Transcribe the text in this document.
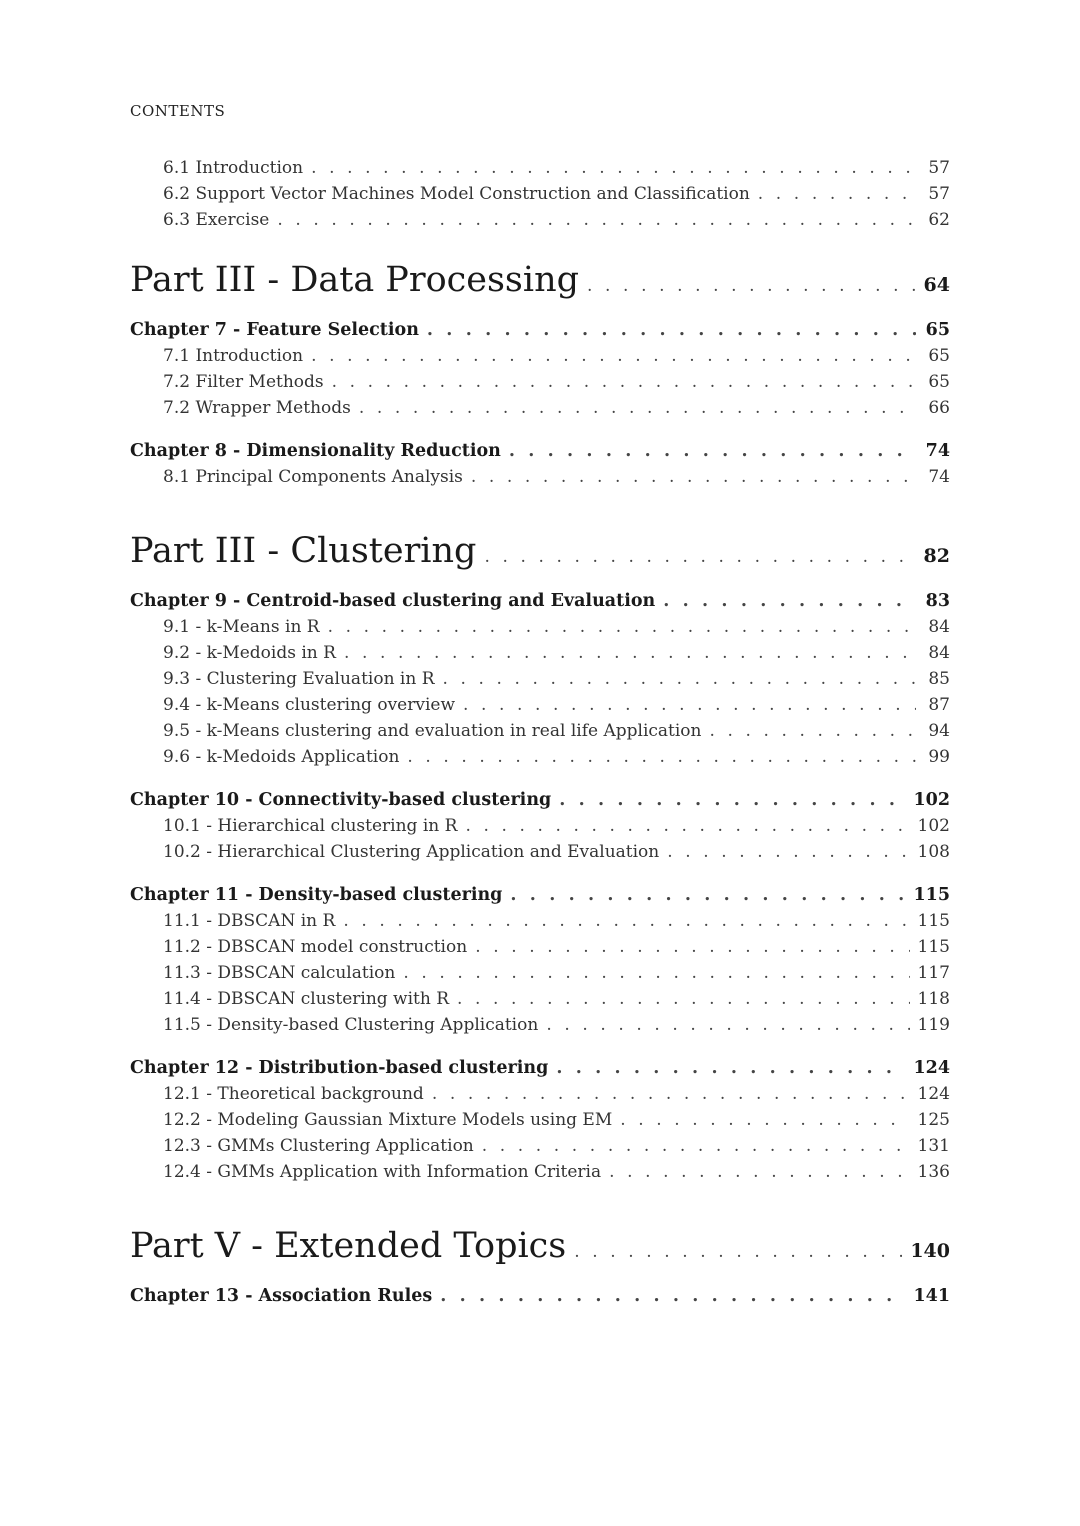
CONTENTS
6.1 Introduction . . .	57
6.2 Support Vector Machines Model Construction and Classification . . .	57
6.3 Exercise . . .	62
Part III - Data Processing . . .	64
Chapter 7 - Feature Selection . . .	65
7.1 Introduction . . .	65
7.2 Filter Methods . . .	65
7.2 Wrapper Methods . . .	66
Chapter 8 - Dimensionality Reduction . . .	74
8.1 Principal Components Analysis . . .	74
Part III - Clustering . . .	82
Chapter 9 - Centroid-based clustering and Evaluation . . .	83
9.1 - k-Means in R . . .	84
9.2 - k-Medoids in R . . .	84
9.3 - Clustering Evaluation in R . . .	85
9.4 - k-Means clustering overview . . .	87
9.5 - k-Means clustering and evaluation in real life Application . . .	94
9.6 - k-Medoids Application . . .	99
Chapter 10 - Connectivity-based clustering . . .	102
10.1 - Hierarchical clustering in R . . .	102
10.2 - Hierarchical Clustering Application and Evaluation . . .	108
Chapter 11 - Density-based clustering . . .	115
11.1 - DBSCAN in R . . .	115
11.2 - DBSCAN model construction . . .	115
11.3 - DBSCAN calculation . . .	117
11.4 - DBSCAN clustering with R . . .	118
11.5 - Density-based Clustering Application . . .	119
Chapter 12 - Distribution-based clustering . . .	124
12.1 - Theoretical background . . .	124
12.2 - Modeling Gaussian Mixture Models using EM . . .	125
12.3 - GMMs Clustering Application . . .	131
12.4 - GMMs Application with Information Criteria . . .	136
Part V - Extended Topics . . .	140
Chapter 13 - Association Rules . . .	141
